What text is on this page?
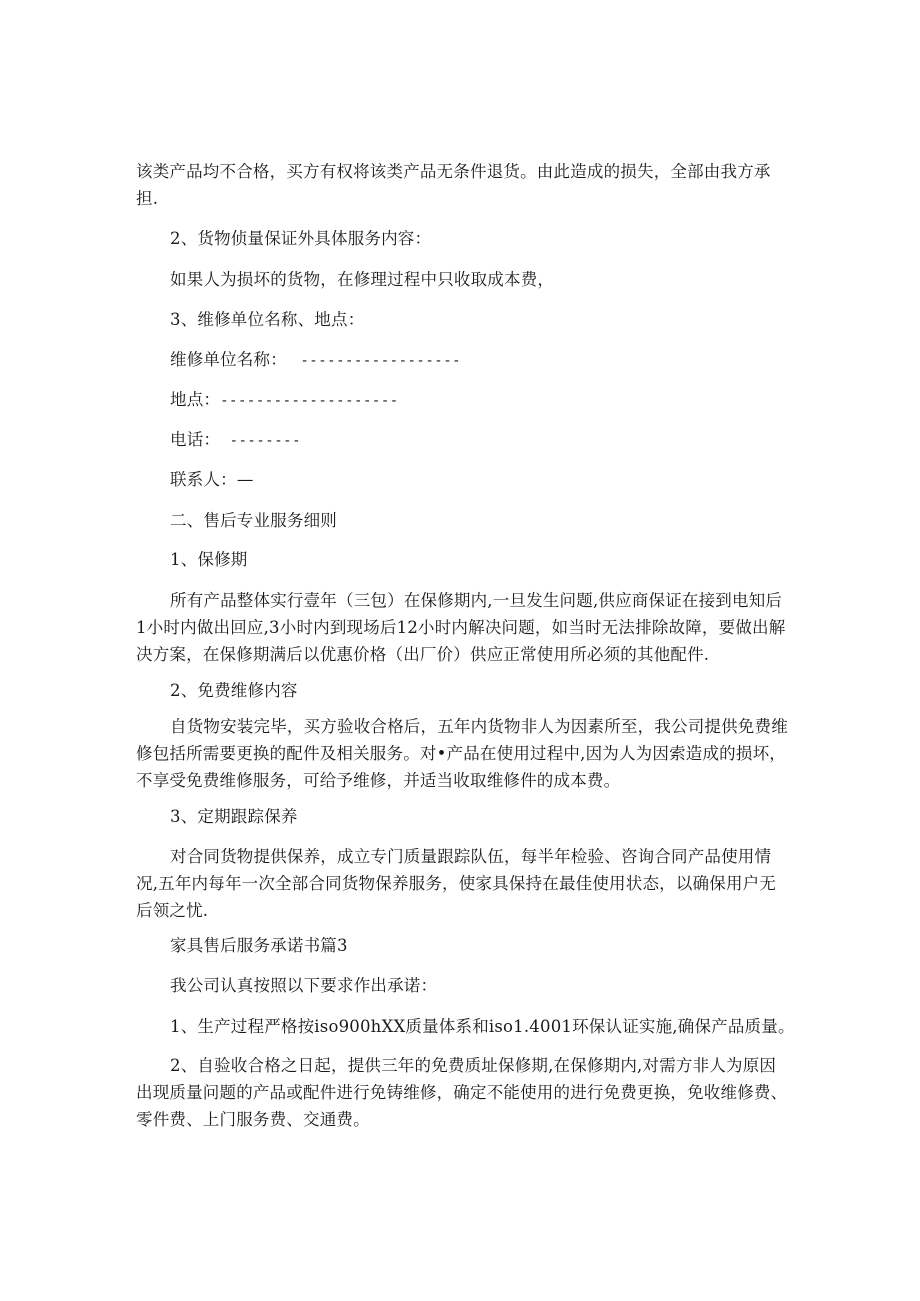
该类产品均不合格，买方有权将该类产品无条件退货。由此造成的损失，全部由我方承担.

2、货物侦量保证外具体服务内容：

如果人为损坏的货物，在修理过程中只收取成本费，

3、维修单位名称、地点：

维修单位名称： ------------------

地点：--------------------

电话： --------

联系人：—

二、售后专业服务细则

1、保修期

所有产品整体实行壹年（三包）在保修期内,一旦发生问题,供应商保证在接到电知后1小时内做出回应,3小时内到现场后12小时内解决问题，如当时无法排除故障，要做出解决方案，在保修期满后以优惠价格（出厂价）供应正常使用所必须的其他配件.

2、免费维修内容

自货物安装完毕，买方验收合格后，五年内货物非人为因素所至，我公司提供免费维修包括所需要更换的配件及相关服务。对•产品在使用过程中,因为人为因索造成的损坏，不享受免费维修服务，可给予维修，并适当收取维修件的成本费。

3、定期跟踪保养

对合同货物提供保养，成立专门质量跟踪队伍，每半年检验、咨询合同产品使用情况,五年内每年一次全部合同货物保养服务，使家具保持在最佳使用状态，以确保用户无后领之忧.

家具售后服务承诺书篇3

我公司认真按照以下要求作出承诺：

1、生产过程严格按iso900hXX质量体系和iso1.4001环保认证实施,确保产品质量。

2、自验收合格之日起，提供三年的免费质址保修期,在保修期内,对需方非人为原因出现质量问题的产品或配件进行免铸维修，确定不能使用的进行免费更换，免收维修费、零件费、上门服务费、交通费。
